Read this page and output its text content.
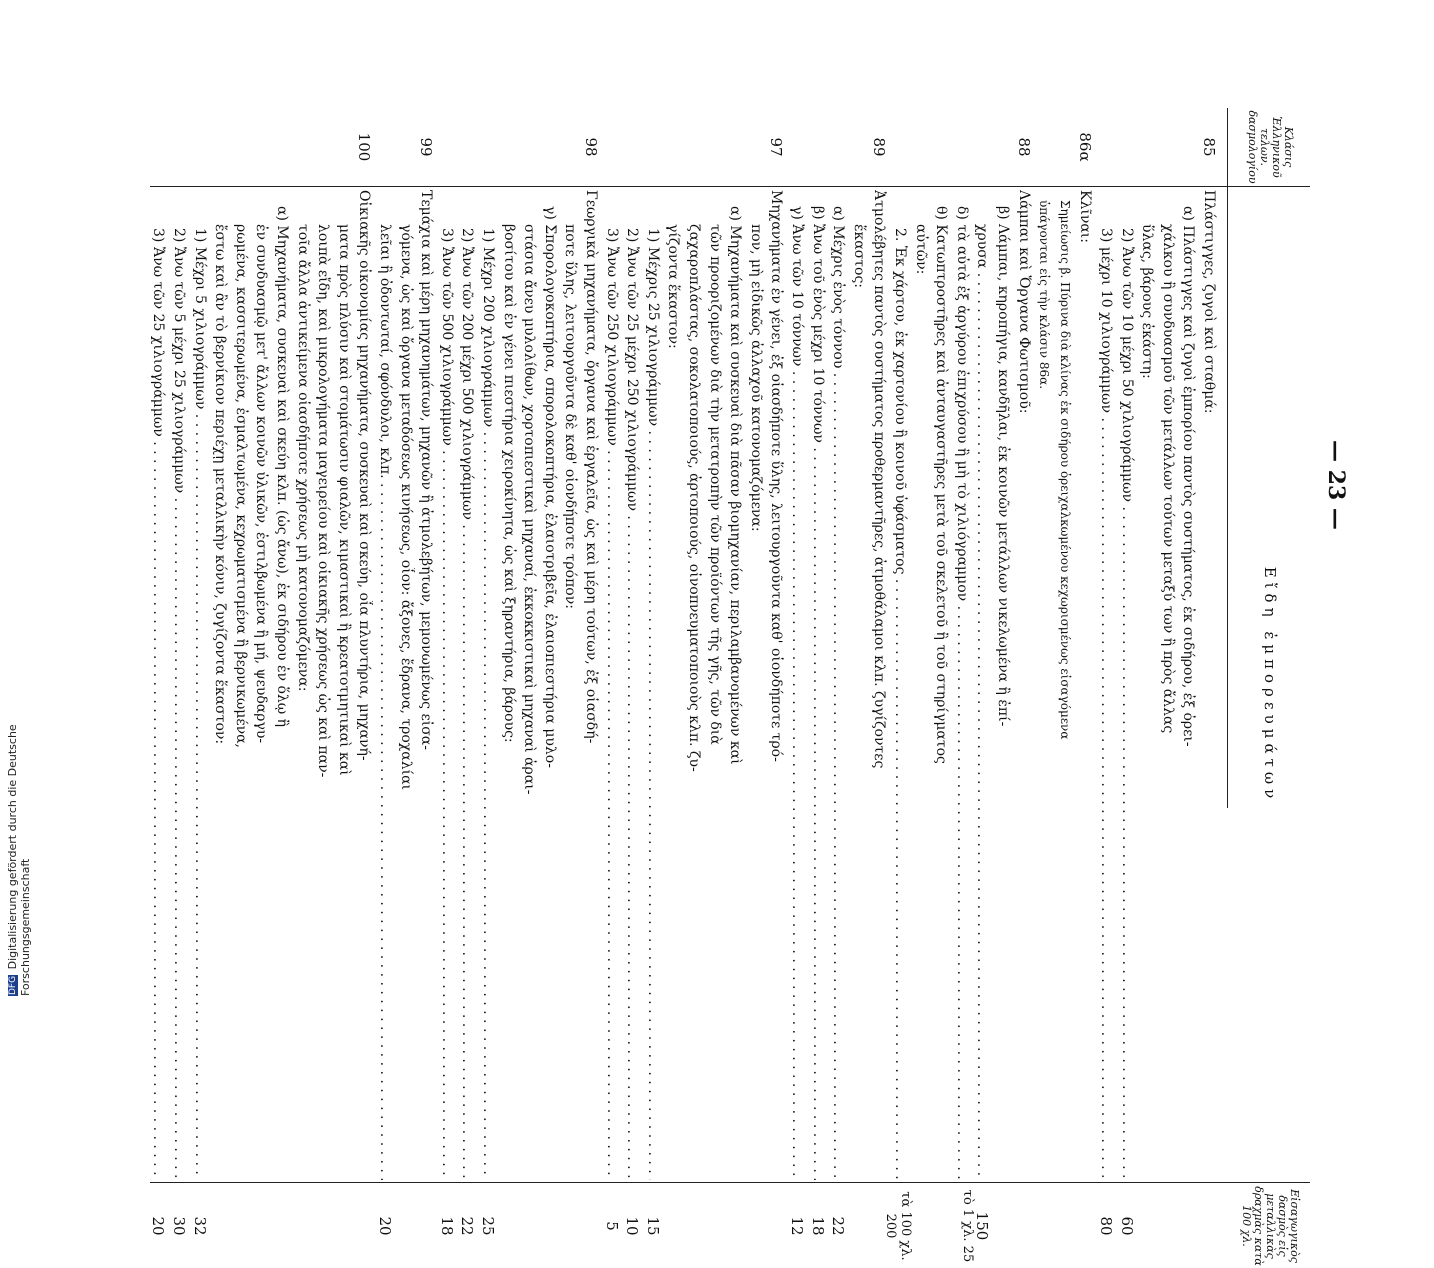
— 23 —
Κλάσις Ἑλληνικοῦ τελων. δασμολογίου
Εἴδη ἐμπορευμάτων
Εἰσαγωγικὸς δασμὸς εἰς μεταλλικὰς δραχμὰς κατὰ 100 χλ.
85
Πλάστιγγες, ζυγοὶ καὶ σταθμά:
α) Πλάστιγγες καὶ ζυγοὶ ἐμπορίου παντὸς συστήματος, ἐκ σιδήρου, ἐξ ὀρει-
χάλκου ἢ συνδυασμοῦ τῶν μετάλλων τούτων μεταξύ των ἢ πρὸς ἄλλας
ὕλας, βάρους ἑκάστη:
2) Ἄνω τῶν 10 μέχρι 50 χιλιογράμμων . . .
60
3) μέχρι 10 χιλιογράμμων . . .
80
86α
Κλῖναι:
Σημείωσις β. Πύρινα διὰ κλίνας ἐκ σιδήρου ὀρειχαλκωμένου κεχωρισμένως εἰσαγόμενα
ὑπάγονται εἰς τὴν κλάσιν 86α.
88
Λάμπαι καὶ Ὄργανα Φωτισμοῦ:
β) Λάμπαι, κηροπήγια, κανδῆλαι, ἐκ κοινῶν μετάλλων νικελωμένα ἢ ἐπί-
χρυσα . . .
150
δ) τὰ αὐτὰ ἐξ ἀργύρου ἐπιχρύσου ἢ μὴ τὸ χιλιόγραμμον . . .
τὸ 1 χλ. 25
θ) Κατωπτροστῆρες καὶ ἀνταυγαστῆρες μετὰ τοῦ σκελετοῦ ἢ τοῦ στηρίγματος
αὐτῶν:
2. Ἐκ χάρτου, ἐκ χαρτονίου ἢ κοινοῦ ὑφάσματος . . .
τὰ 100 χλ. 200
89
Ἀτμολέβητες παντὸς συστήματος προθερμαντῆρες, ἀτμοθάλαμοι κλπ. ζυγίζοντες
ἕκαστος:
α) Μέχρις ἑνὸς τόννου . . .
22
β) Ἄνω τοῦ ἑνὸς μέχρι 10 τόννων . . .
18
γ) Ἄνω τῶν 10 τόννων . . .
12
97
Μηχανήματα ἐν γένει, ἐξ οἱασδήποτε ὕλης, λειτουργοῦντα καθ' οἱονδήποτε τρό-
πον, μὴ εἰδικῶς ἀλλαχοῦ κατονομαζόμενα:
α) Μηχανήματα καὶ συσκευαὶ διὰ πᾶσαν βιομηχανίαν, περιλαμβανομένων καὶ
τῶν προοριζομένων διὰ τὴν μετατροπὴν τῶν προϊόντων τῆς γῆς, τῶν διὰ
ζαχαροπλάστας, σοκολατοποιούς, ἀρτοποιούς, οἰνοπνευματοποιοὺς κλπ. ζυ-
γίζοντα ἕκαστον:
1) Μέχρις 25 χιλιογράμμων . . .
15
2) Ἄνω τῶν 25 μέχρι 250 χιλιογράμμων . . .
10
3) Ἄνω τῶν 250 χιλιογράμμων . . .
5
98
Γεωργικὰ μηχανήματα, ὄργανα καὶ ἐργαλεῖα, ὡς καὶ μέρη τούτων, ἐξ οἱασδή-
ποτε ὕλης, λειτουργοῦντα δὲ καθ' οἱονδήποτε τρόπον:
γ) Σπορολογοκοπτήρια, σπορολοκοπτήρια, ἐλαιοτριβεῖα, ἐλαιοπιεστήρια μυλο-
στάσια ἄνευ μυλολίθων, χορτοπιεστικαὶ μηχαναί, ἐκκοκκιστικαὶ μηχαναὶ ἀραι-
βοσίτου καὶ ἐν γένει πιεστήρια χειροκίνητα, ὡς καὶ ξηραντήρια, βάρους:
1) Μέχρι 200 χιλιογράμμων . . .
25
2) Ἄνω τῶν 200 μέχρι 500 χιλιογράμμων . . .
22
3) Ἄνω τῶν 500 χιλιογράμμων . . .
18
99
Τεμάχια καὶ μέρη μηχανημάτων, μηχανῶν ἢ ἀτμολεβήτων, μεμονωμένως εἰσα-
γόμενα, ὡς καὶ ὄργανα μεταδόσεως κινήσεως, οἷον: ἄξονες, ἔδρανα, τροχαλίαι
λεῖαι ἢ ὀδοντωταί, σφόνδυλοι, κλπ. . . .
20
100
Οἰκιακῆς οἰκονομίας μηχανήματα, συσκευαὶ καὶ σκεύη, οἷα πλυντήρια, μηχανή-
ματα πρὸς πλύσιν καὶ στομάτωσιν φιαλῶν, κιμαστικαὶ ἢ κρεατοτμητικαὶ καὶ
λοιπὰ εἴδη, καὶ μικρολογήματα μαγειρείου καὶ οἰκιακῆς χρήσεως ὡς καὶ παν-
τοῖα ἄλλα ἀντικείμενα οἱασδήποτε χρήσεως μὴ κατονομαζόμενα:
α) Μηχανήματα, συσκευαὶ καὶ σκεύη κλπ. (ὡς ἄνω), ἐκ σιδήρου ἐν ὅλῳ ἢ
ἐν συνδυασμῷ μετ' ἄλλων κοινῶν ὑλικῶν, ἐστιλβωμένα ἢ μή, ψευδαργυ-
ρωμένα, κασσιτερωμένα, ἐσμαλτωμένα, κεχρωματισμένα ἢ βερνικωμένα,
ἔστω καὶ ἂν τὸ βερνίκιον περιέχῃ μεταλλικὴν κόνιν, ζυγίζοντα ἕκαστον:
1) Μέχρι 5 χιλιογράμμων . . .
32
2) Ἄνω τῶν 5 μέχρι 25 χιλιογράμμων . . .
30
3) Ἄνω τῶν 25 χιλιογράμμων . . .
20
DFG Digitalisierung gefördert durch die Deutsche Forschungsgemeinschaft
